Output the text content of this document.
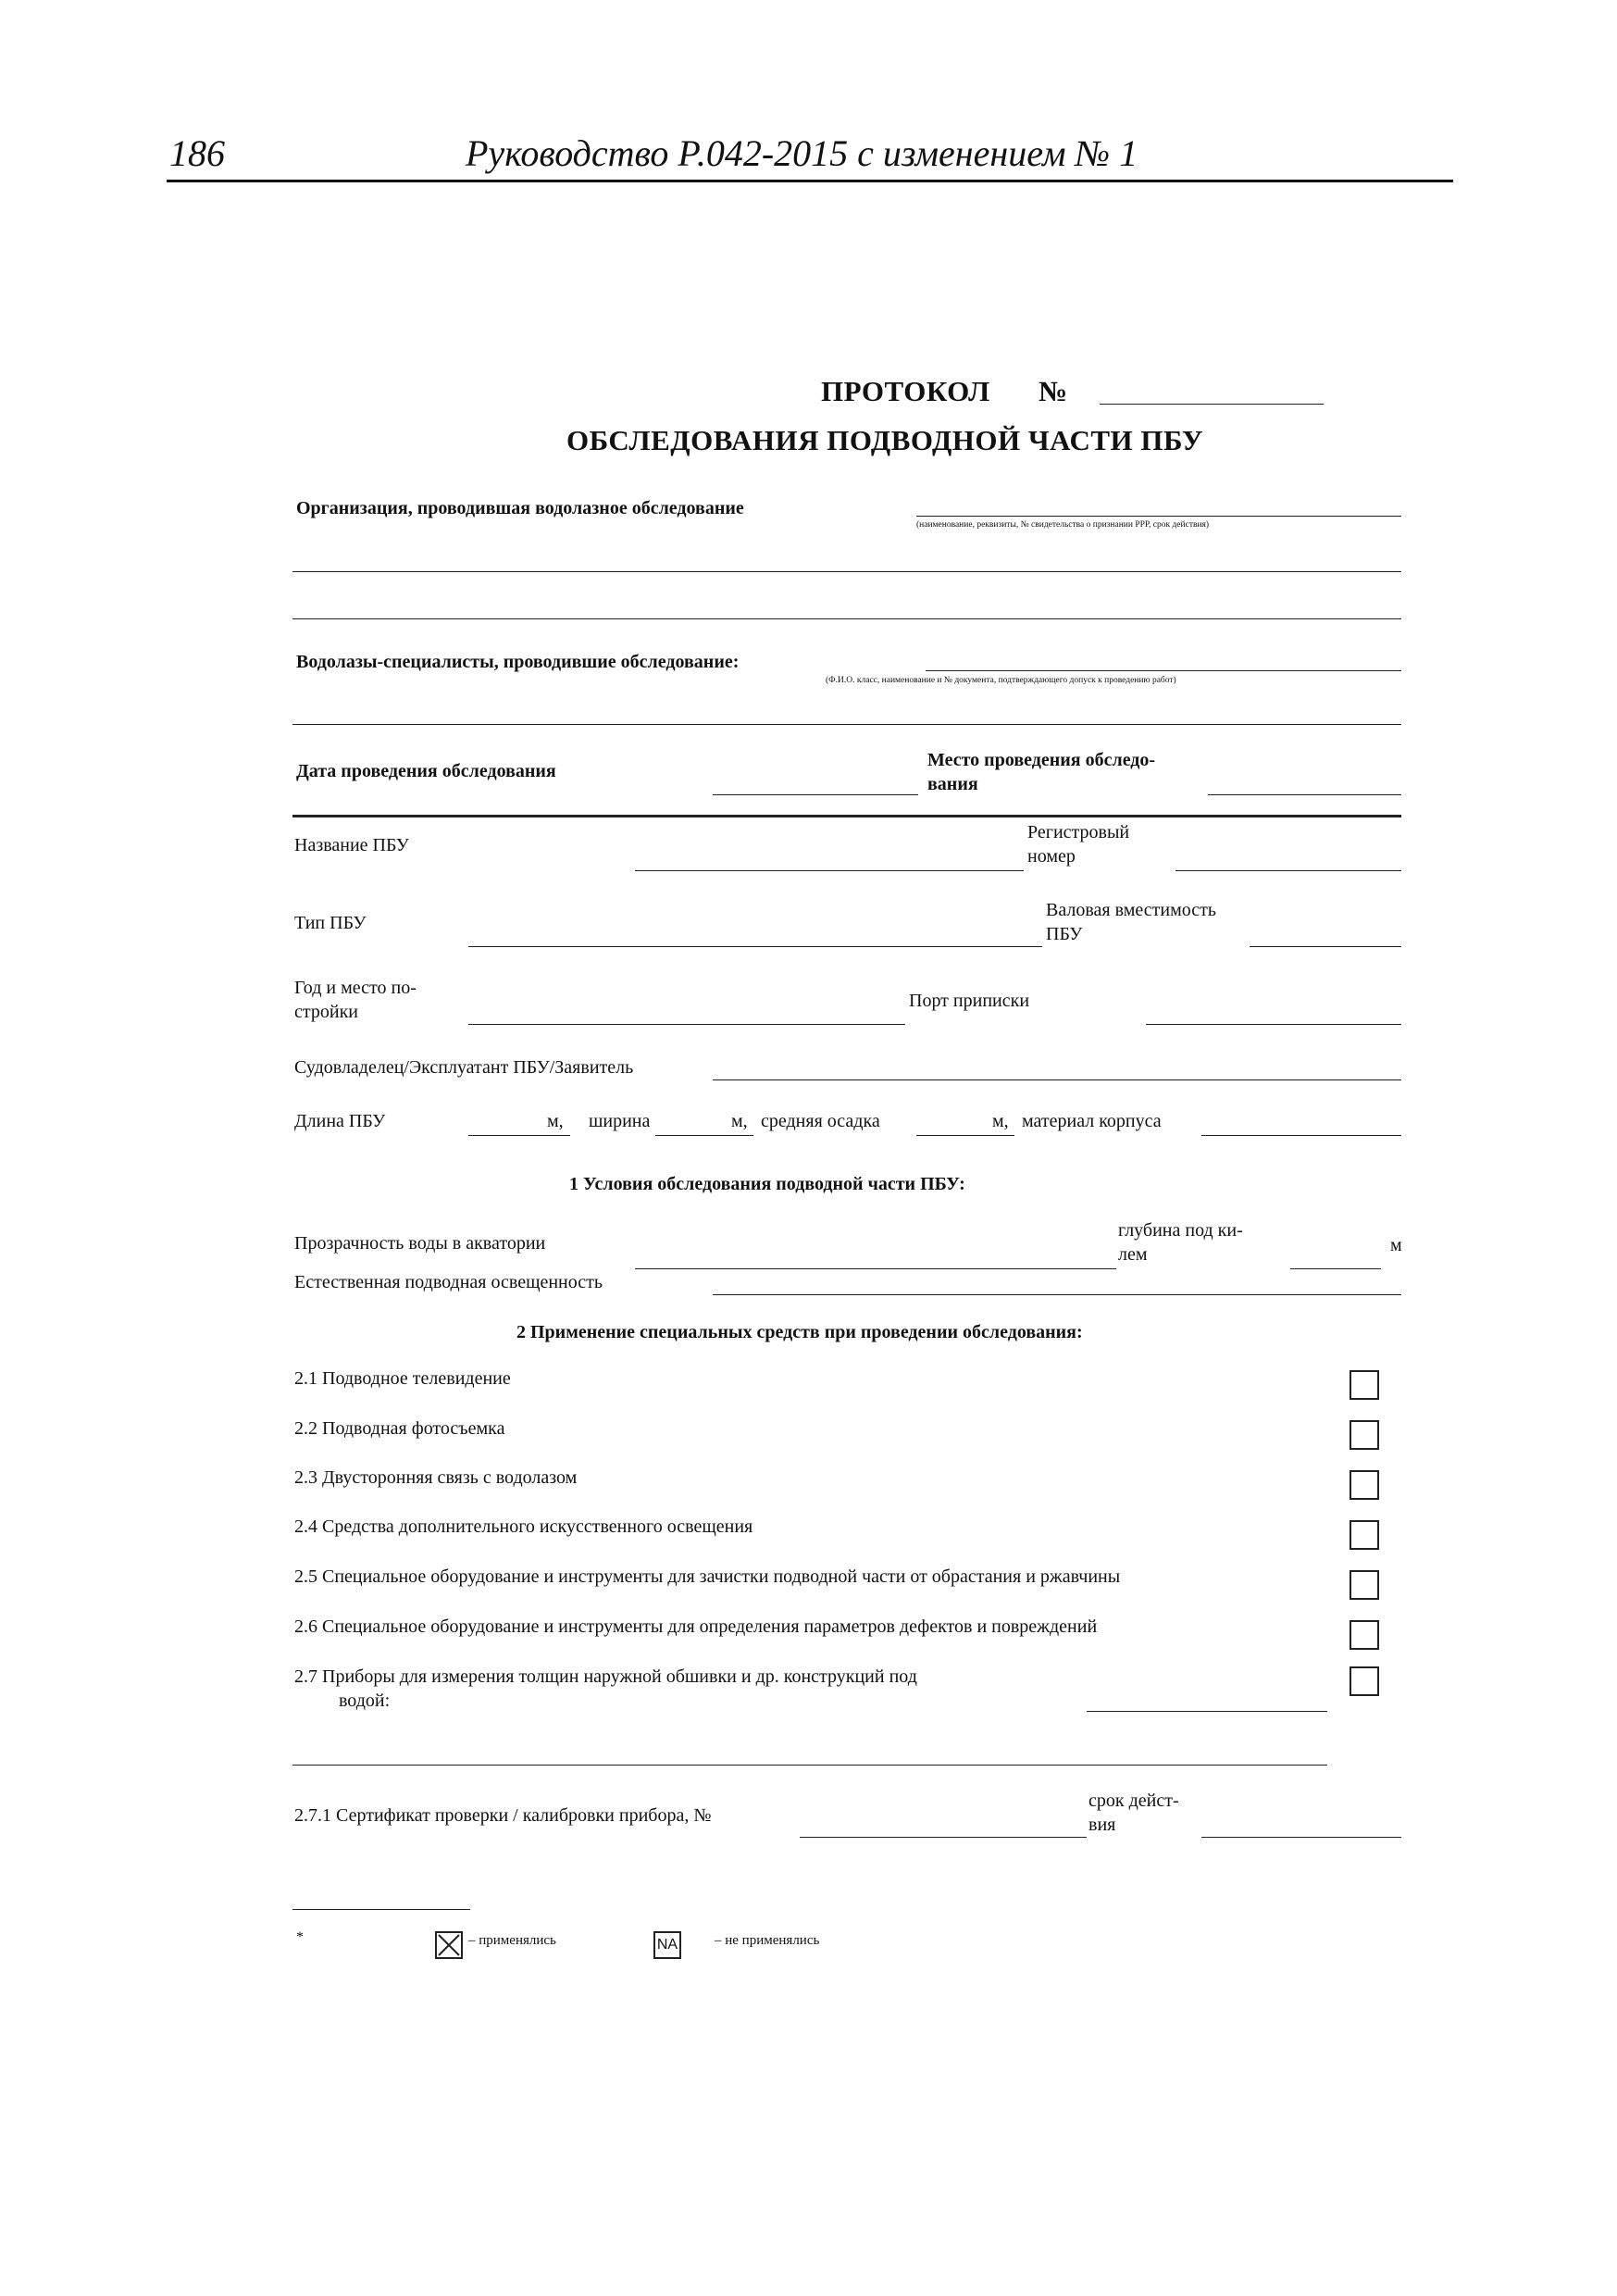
186	Руководство Р.042-2015 с изменением № 1
ПРОТОКОЛ №
ОБСЛЕДОВАНИЯ ПОДВОДНОЙ ЧАСТИ ПБУ
Организация, проводившая водолазное обследование
(наименование, реквизиты, № свидетельства о признании РРР, срок действия)
Водолазы-специалисты, проводившие обследование:
(Ф.И.О. класс, наименование и № документа, подтверждающего допуск к проведению работ)
Дата проведения обследования
Место проведения обследо-
вания
Название ПБУ
Регистровый
номер
Тип ПБУ
Валовая вместимость
ПБУ
Год и место по-
стройки
Порт приписки
Судовладелец/Эксплуатант ПБУ/Заявитель
Длина ПБУ	м, ширина	м, средняя осадка	м, материал корпуса
1 Условия обследования подводной части ПБУ:
Прозрачность воды в акватории
глубина под ки-
лем	м
Естественная подводная освещенность
2 Применение специальных средств при проведении обследования:
2.1 Подводное телевидение
2.2 Подводная фотосъемка
2.3 Двусторонняя связь с водолазом
2.4 Средства дополнительного искусственного освещения
2.5 Специальное оборудование и инструменты для зачистки подводной части от обрастания и ржавчины
2.6 Специальное оборудование и инструменты для определения параметров дефектов и повреждений
2.7 Приборы для измерения толщин наружной обшивки и др. конструкций под
водой:
2.7.1 Сертификат проверки / калибровки прибора, №
срок дейст-
вия
*	– применялись	NA	– не применялись
